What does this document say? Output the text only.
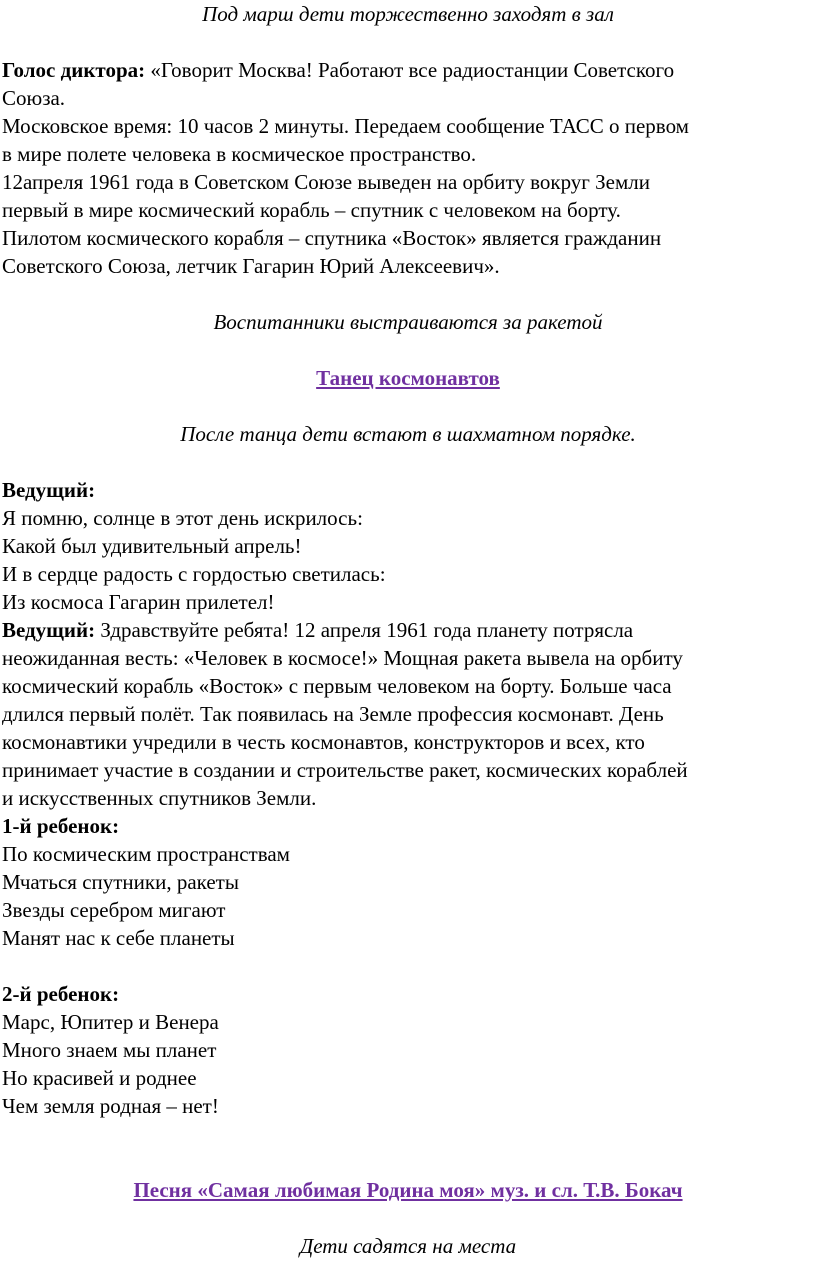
Под марш дети торжественно заходят в зал

Голос диктора: «Говорит Москва! Работают все радиостанции Советского

Союза.

Московское время: 10 часов 2 минуты. Передаем сообщение ТАСС о первом

в мире полете человека в космическое пространство.

12апреля 1961 года в Советском Союзе выведен на орбиту вокруг Земли

первый в мире космический корабль – спутник с человеком на борту.

Пилотом космического корабля – спутника «Восток» является гражданин

Советского Союза, летчик Гагарин Юрий Алексеевич».

Воспитанники выстраиваются за ракетой

Танец космонавтов

После танца дети встают в шахматном порядке.

Ведущий:

Я помню, солнце в этот день искрилось:

Какой был удивительный апрель!

И в сердце радость с гордостью светилась:

Из космоса Гагарин прилетел!

Ведущий: Здравствуйте ребята! 12 апреля 1961 года планету потрясла

неожиданная весть: «Человек в космосе!» Мощная ракета вывела на орбиту

космический корабль «Восток» с первым человеком на борту. Больше часа

длился первый полёт. Так появилась на Земле профессия космонавт. День

космонавтики учредили в честь космонавтов, конструкторов и всех, кто

принимает участие в создании и строительстве ракет, космических кораблей

и искусственных спутников Земли.

1-й ребенок:

По космическим пространствам

Мчаться спутники, ракеты

Звезды серебром мигают

Манят нас к себе планеты

2-й ребенок:

Марс, Юпитер и Венера

Много знаем мы планет

Но красивей и роднее

Чем земля родная – нет!

Песня «Самая любимая Родина моя» муз. и сл. Т.В. Бокач

Дети садятся на места
